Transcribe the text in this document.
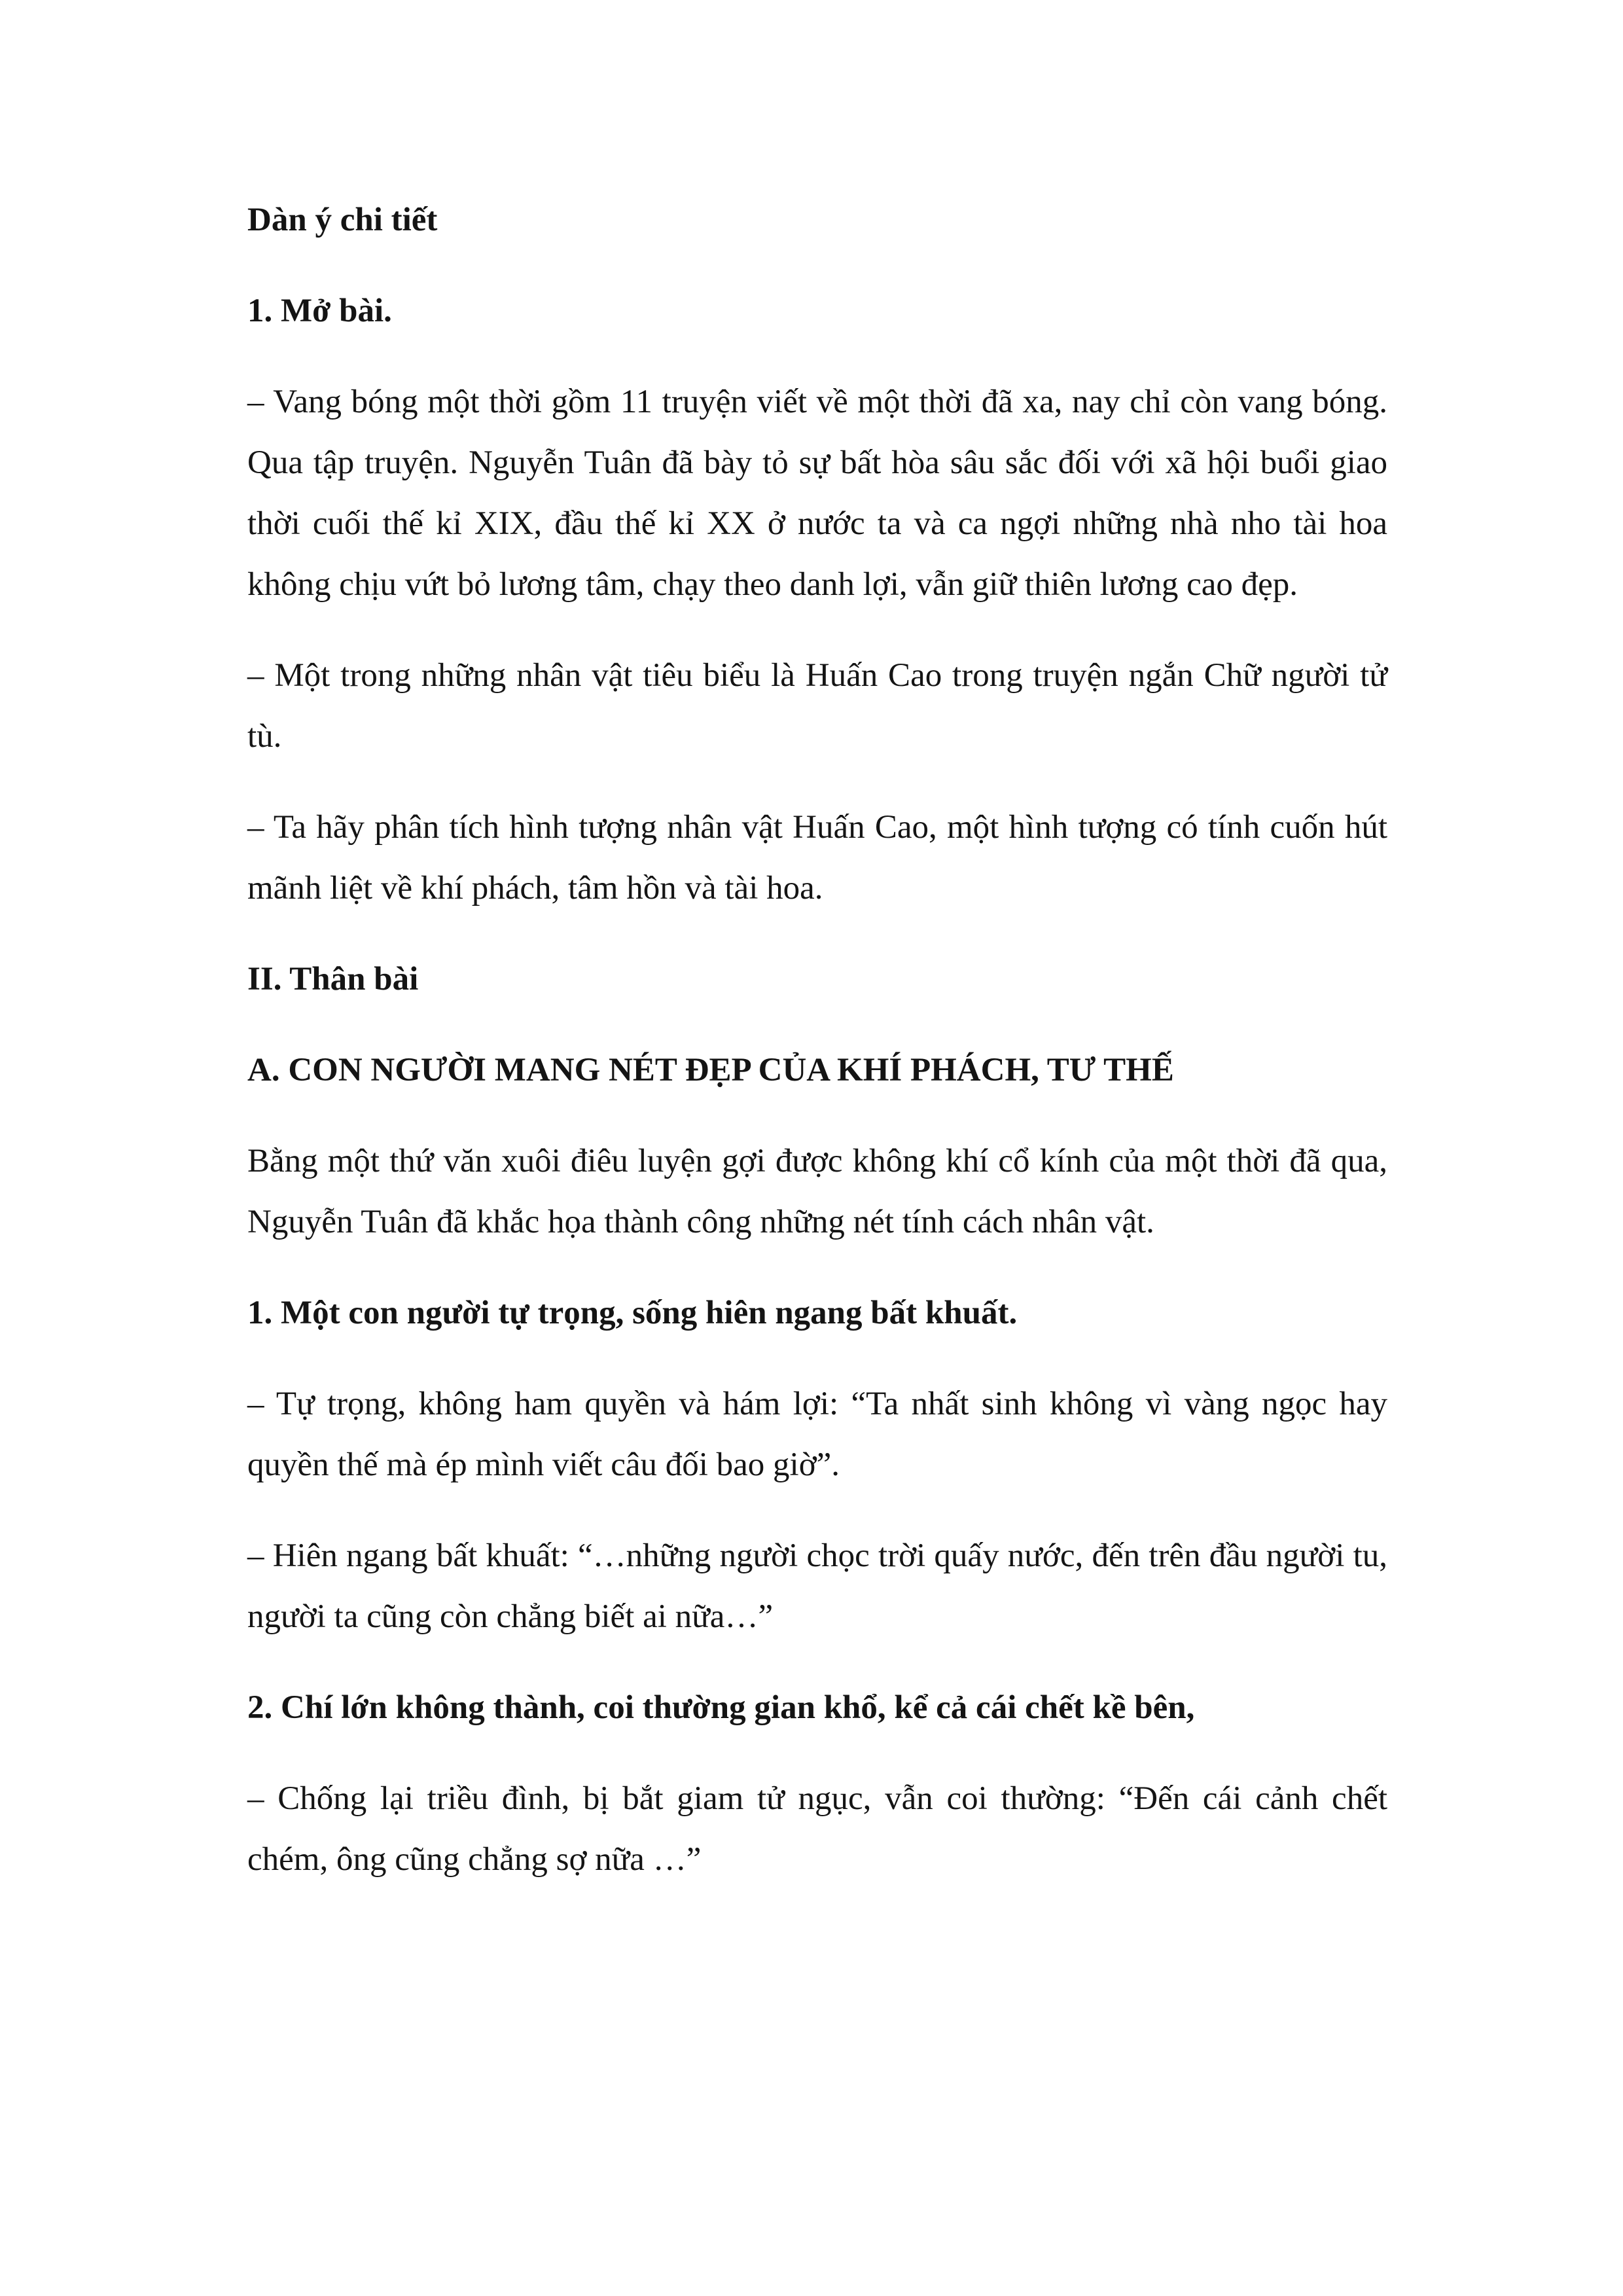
Dàn ý chi tiết
1. Mở bài.

– Vang bóng một thời gồm 11 truyện viết về một thời đã xa, nay chỉ còn vang bóng. Qua tập truyện. Nguyễn Tuân đã bày tỏ sự bất hòa sâu sắc đối với xã hội buổi giao thời cuối thế kỉ XIX, đầu thế kỉ XX ở nước ta và ca ngợi những nhà nho tài hoa không chịu vứt bỏ lương tâm, chạy theo danh lợi, vẫn giữ thiên lương cao đẹp.

– Một trong những nhân vật tiêu biểu là Huấn Cao trong truyện ngắn Chữ người tử tù.

– Ta hãy phân tích hình tượng nhân vật Huấn Cao, một hình tượng có tính cuốn hút mãnh liệt về khí phách, tâm hồn và tài hoa.

II. Thân bài
A. CON NGƯỜI MANG NÉT ĐẸP CỦA KHÍ PHÁCH, TƯ THẾ

Bằng một thứ văn xuôi điêu luyện gợi được không khí cổ kính của một thời đã qua, Nguyễn Tuân đã khắc họa thành công những nét tính cách nhân vật.

1. Một con người tự trọng, sống hiên ngang bất khuất.

– Tự trọng, không ham quyền và hám lợi: “Ta nhất sinh không vì vàng ngọc hay quyền thế mà ép mình viết câu đối bao giờ”.

– Hiên ngang bất khuất: “…những người chọc trời quấy nước, đến trên đầu người tu, người ta cũng còn chẳng biết ai nữa…”

2. Chí lớn không thành, coi thường gian khổ, kể cả cái chết kề bên,

– Chống lại triều đình, bị bắt giam tử ngục, vẫn coi thường: “Đến cái cảnh chết chém, ông cũng chẳng sợ nữa …”
